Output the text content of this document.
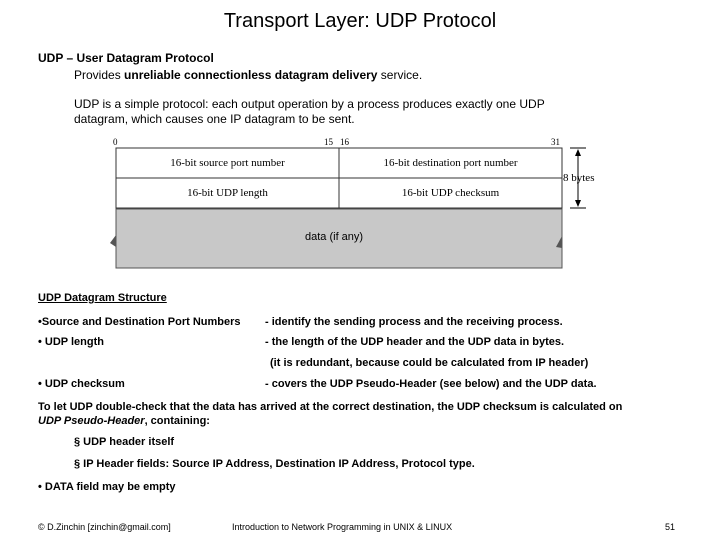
Transport Layer: UDP Protocol
UDP – User Datagram Protocol
Provides unreliable connectionless datagram delivery service.
UDP is a simple protocol: each output operation by a process produces exactly one UDP
datagram, which causes one IP datagram to be sent.
0	15 16	31
16-bit source port number	16-bit destination port number
16-bit UDP length	16-bit UDP checksum
data (if any)
8 bytes
UDP Datagram Structure
•Source and Destination Port Numbers - identify the sending process and the receiving process.
• UDP length	- the length of the UDP header and the UDP data in bytes.
(it is redundant, because could be calculated from IP header)
• UDP checksum	- covers the UDP Pseudo-Header (see below) and the UDP data.
To let UDP double-check that the data has arrived at the correct destination, the UDP checksum is calculated on
UDP Pseudo-Header, containing:
§ UDP header itself
§ IP Header fields: Source IP Address, Destination IP Address, Protocol type.
• DATA field may be empty
© D.Zinchin [zinchin@gmail.com]	Introduction to Network Programming in UNIX & LINUX	51
